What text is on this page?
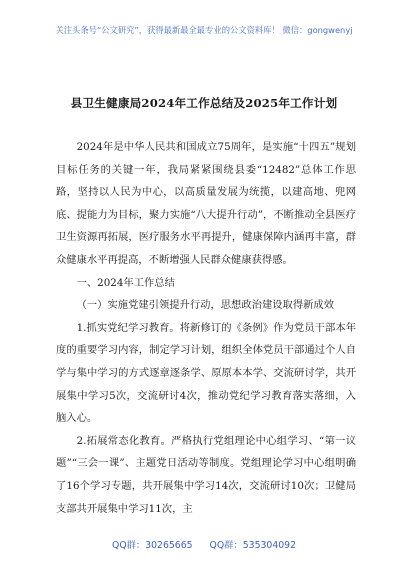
关注头条号“公文研究”，获得最新最全最专业的公文资料库！ 微信：gongwenyj
县卫生健康局2024年工作总结及2025年工作计划

2024年是中华人民共和国成立75周年，是实施“十四五”规划目标任务的关键一年，我局紧紧围绕县委“12482”总体工作思路，坚持以人民为中心，以高质量发展为统揽，以建高地、兜网底、提能力为目标，聚力实施“八大提升行动”，不断推动全县医疗卫生资源再拓展，医疗服务水平再提升，健康保障内涵再丰富，群众健康水平再提高，不断增强人民群众健康获得感。

一、2024年工作总结

（一）实施党建引领提升行动，思想政治建设取得新成效

1.抓实党纪学习教育。将新修订的《条例》作为党员干部本年度的重要学习内容，制定学习计划，组织全体党员干部通过个人自学与集中学习的方式逐章逐条学、原原本本学、交流研讨学，共开展集中学习5次，交流研讨4次，推动党纪学习教育落实落细，入脑入心。

2.拓展常态化教育。严格执行党组理论中心组学习、“第一议题”“三会一课”、主题党日活动等制度。党组理论学习中心组明确了16个学习专题，共开展集中学习14次，交流研讨10次；卫健局支部共开展集中学习11次，主

QQ群：30265665 QQ群：535304092
